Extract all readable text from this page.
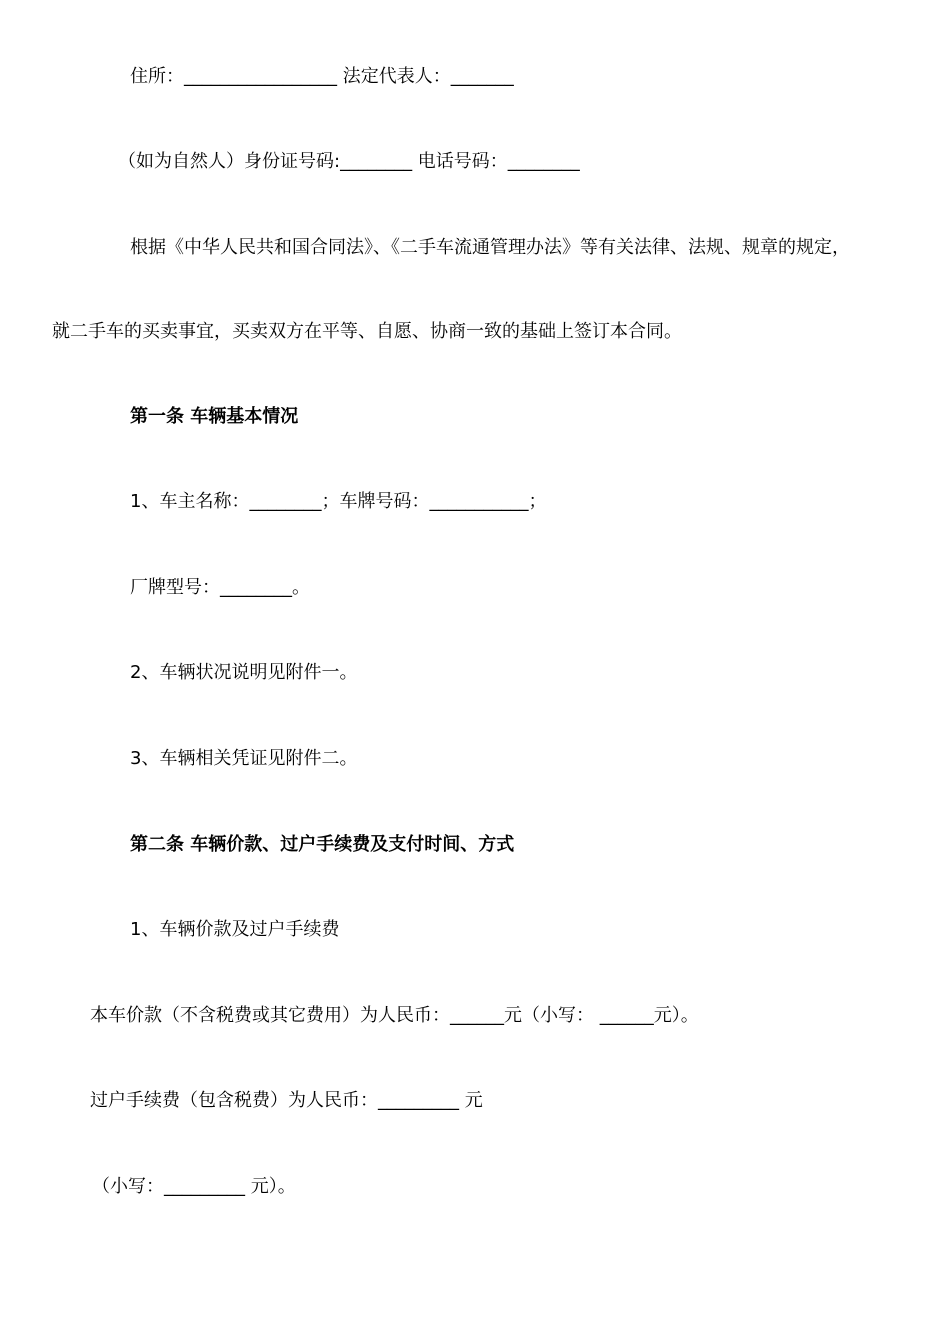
住所：_________________ 法定代表人：_______
（如为自然人）身份证号码:________ 电话号码：________
根据《中华人民共和国合同法》、《二手车流通管理办法》等有关法律、法规、规章的规定，
就二手车的买卖事宜，买卖双方在平等、自愿、协商一致的基础上签订本合同。
第一条 车辆基本情况
1、车主名称：________；车牌号码：___________；
厂牌型号：________。
2、车辆状况说明见附件一。
3、车辆相关凭证见附件二。
第二条 车辆价款、过户手续费及支付时间、方式
1、车辆价款及过户手续费
本车价款（不含税费或其它费用）为人民币：______元（小写： ______元）。
过户手续费（包含税费）为人民币：_________ 元
（小写：_________ 元）。
